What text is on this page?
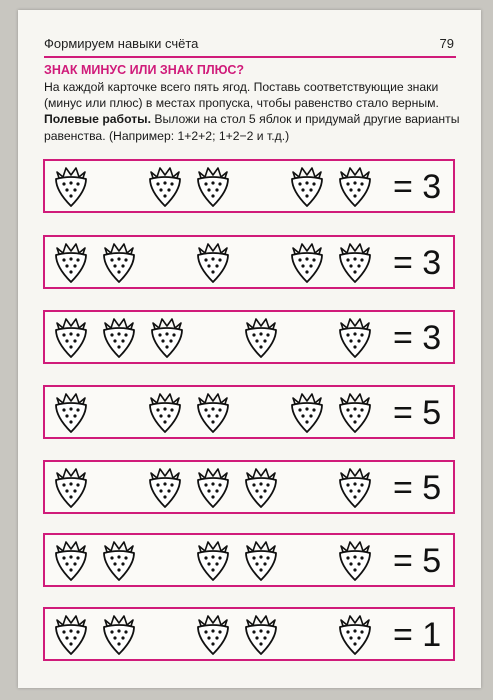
Формируем навыки счёта	79
ЗНАК МИНУС ИЛИ ЗНАК ПЛЮС?
На каждой карточке всего пять ягод. Поставь соответствующие знаки (минус или плюс) в местах пропуска, чтобы равенство стало верным. Полевые работы. Выложи на стол 5 яблок и придумай другие варианты равенства. (Например: 1+2+2; 1+2−2 и т.д.)
= 3
= 3
= 3
= 5
= 5
= 5
= 1
